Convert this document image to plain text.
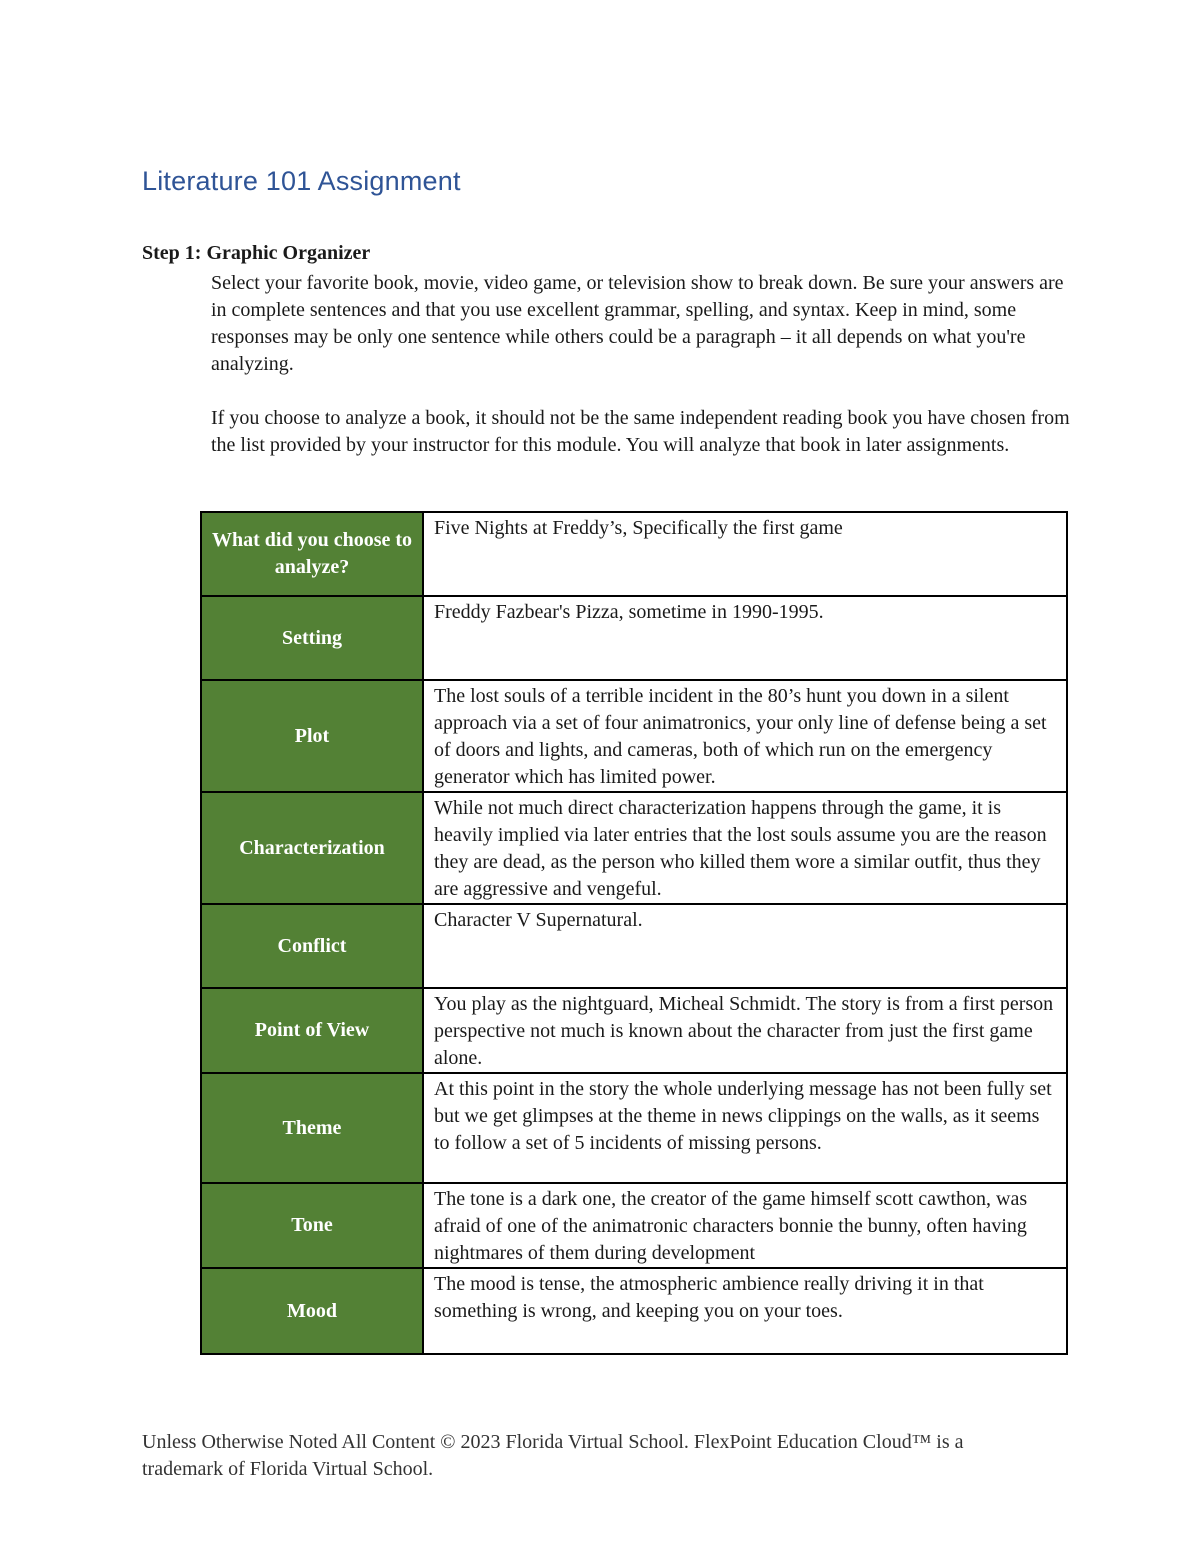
Literature 101 Assignment
Step 1: Graphic Organizer

Select your favorite book, movie, video game, or television show to break down. Be sure your answers are in complete sentences and that you use excellent grammar, spelling, and syntax. Keep in mind, some responses may be only one sentence while others could be a paragraph – it all depends on what you're analyzing.

If you choose to analyze a book, it should not be the same independent reading book you have chosen from the list provided by your instructor for this module. You will analyze that book in later assignments.

What did you choose to analyze?	Five Nights at Freddy’s, Specifically the first game
Setting	Freddy Fazbear's Pizza, sometime in 1990-1995.
Plot	The lost souls of a terrible incident in the 80’s hunt you down in a silent approach via a set of four animatronics, your only line of defense being a set of doors and lights, and cameras, both of which run on the emergency generator which has limited power.
Characterization	While not much direct characterization happens through the game, it is heavily implied via later entries that the lost souls assume you are the reason they are dead, as the person who killed them wore a similar outfit, thus they are aggressive and vengeful.
Conflict	Character V Supernatural.
Point of View	You play as the nightguard, Micheal Schmidt. The story is from a first person perspective not much is known about the character from just the first game alone.
Theme	At this point in the story the whole underlying message has not been fully set but we get glimpses at the theme in news clippings on the walls, as it seems to follow a set of 5 incidents of missing persons.
Tone	The tone is a dark one, the creator of the game himself scott cawthon, was afraid of one of the animatronic characters bonnie the bunny, often having nightmares of them during development
Mood	The mood is tense, the atmospheric ambience really driving it in that something is wrong, and keeping you on your toes.
Unless Otherwise Noted All Content © 2023 Florida Virtual School. FlexPoint Education Cloud™ is a trademark of Florida Virtual School.
